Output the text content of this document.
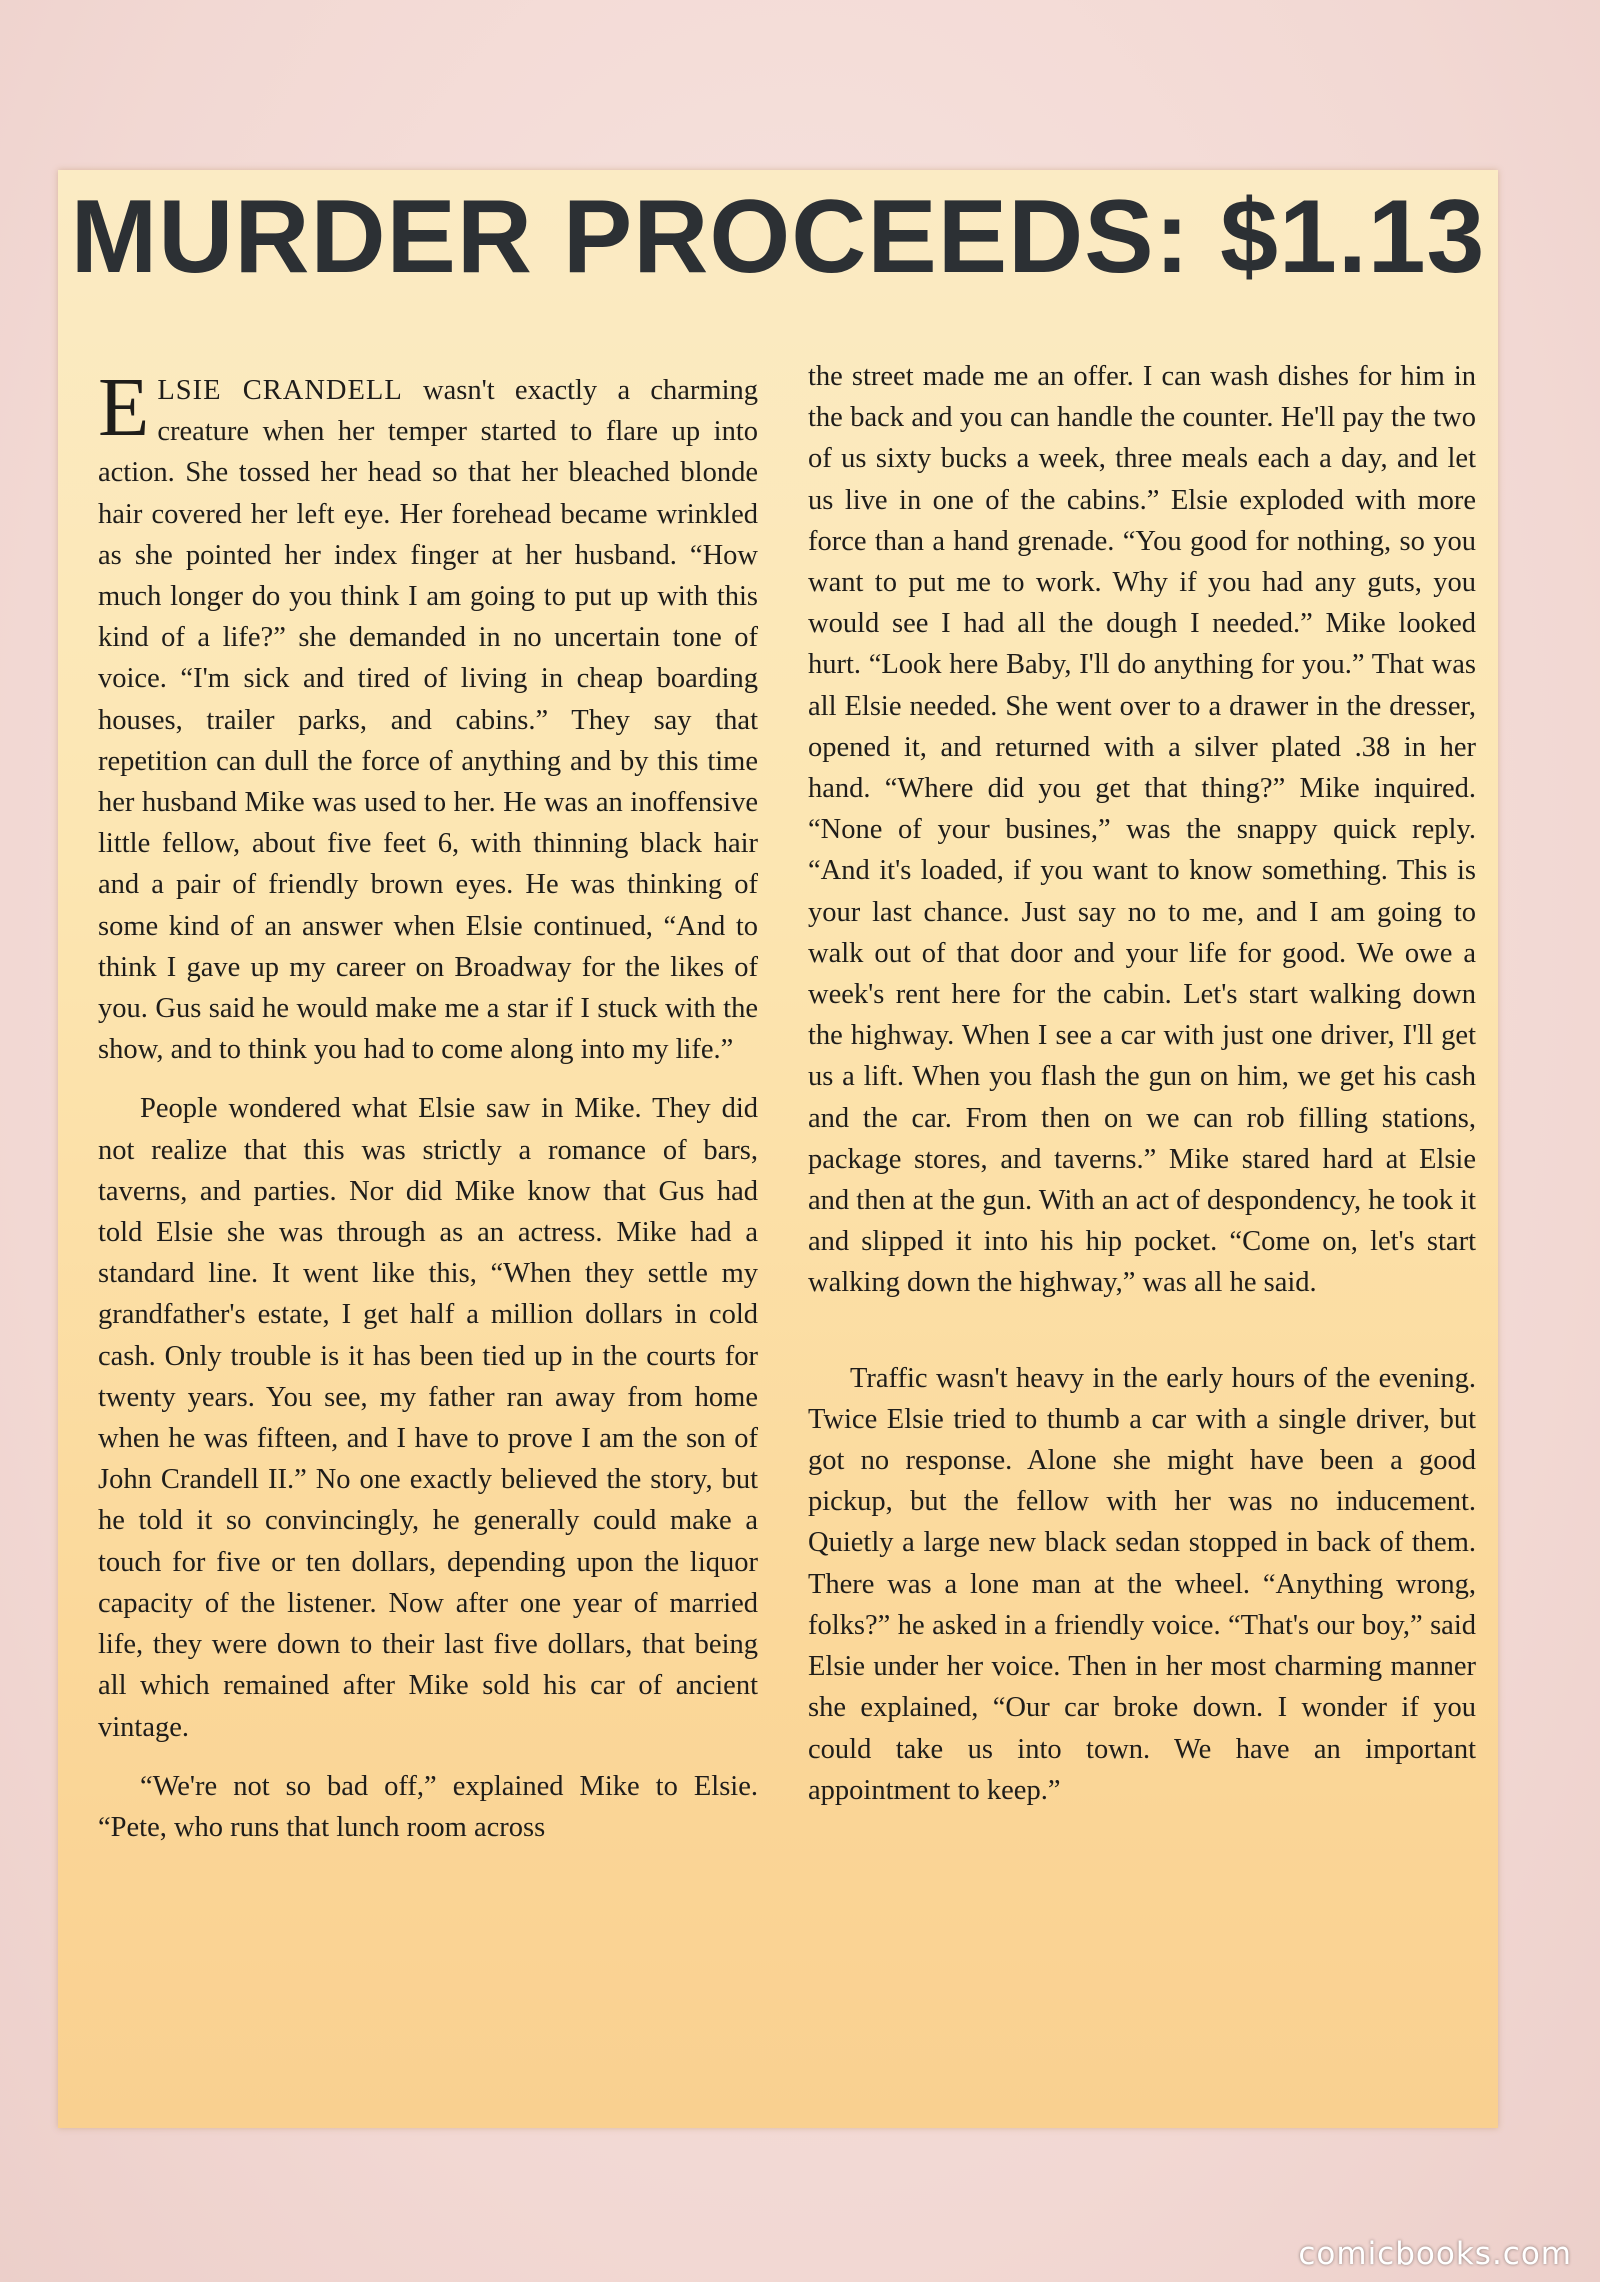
MURDER PROCEEDS: $1.13

ELSIE CRANDELL wasn't exactly a charming creature when her temper started to flare up into action. She tossed her head so that her bleached blonde hair covered her left eye. Her forehead became wrinkled as she pointed her index finger at her husband. “How much longer do you think I am going to put up with this kind of a life?” she demanded in no uncertain tone of voice. “I'm sick and tired of living in cheap boarding houses, trailer parks, and cabins.” They say that repetition can dull the force of anything and by this time her husband Mike was used to her. He was an inoffensive little fellow, about five feet 6, with thinning black hair and a pair of friendly brown eyes. He was thinking of some kind of an answer when Elsie continued, “And to think I gave up my career on Broadway for the likes of you. Gus said he would make me a star if I stuck with the show, and to think you had to come along into my life.”

People wondered what Elsie saw in Mike. They did not realize that this was strictly a romance of bars, taverns, and parties. Nor did Mike know that Gus had told Elsie she was through as an actress. Mike had a standard line. It went like this, “When they settle my grandfather's estate, I get half a million dollars in cold cash. Only trouble is it has been tied up in the courts for twenty years. You see, my father ran away from home when he was fifteen, and I have to prove I am the son of John Crandell II.” No one exactly believed the story, but he told it so convincingly, he generally could make a touch for five or ten dollars, depending upon the liquor capacity of the listener. Now after one year of married life, they were down to their last five dollars, that being all which remained after Mike sold his car of ancient vintage.

“We're not so bad off,” explained Mike to Elsie. “Pete, who runs that lunch room across

the street made me an offer. I can wash dishes for him in the back and you can handle the counter. He'll pay the two of us sixty bucks a week, three meals each a day, and let us live in one of the cabins.” Elsie exploded with more force than a hand grenade. “You good for nothing, so you want to put me to work. Why if you had any guts, you would see I had all the dough I needed.” Mike looked hurt. “Look here Baby, I'll do anything for you.” That was all Elsie needed. She went over to a drawer in the dresser, opened it, and returned with a silver plated .38 in her hand. “Where did you get that thing?” Mike inquired. “None of your busines,” was the snappy quick reply. “And it's loaded, if you want to know something. This is your last chance. Just say no to me, and I am going to walk out of that door and your life for good. We owe a week's rent here for the cabin. Let's start walking down the highway. When I see a car with just one driver, I'll get us a lift. When you flash the gun on him, we get his cash and the car. From then on we can rob filling stations, package stores, and taverns.” Mike stared hard at Elsie and then at the gun. With an act of despondency, he took it and slipped it into his hip pocket. “Come on, let's start walking down the highway,” was all he said.

Traffic wasn't heavy in the early hours of the evening. Twice Elsie tried to thumb a car with a single driver, but got no response. Alone she might have been a good pickup, but the fellow with her was no inducement. Quietly a large new black sedan stopped in back of them. There was a lone man at the wheel. “Anything wrong, folks?” he asked in a friendly voice. “That's our boy,” said Elsie under her voice. Then in her most charming manner she explained, “Our car broke down. I wonder if you could take us into town. We have an important appointment to keep.”

comicbooks.com
